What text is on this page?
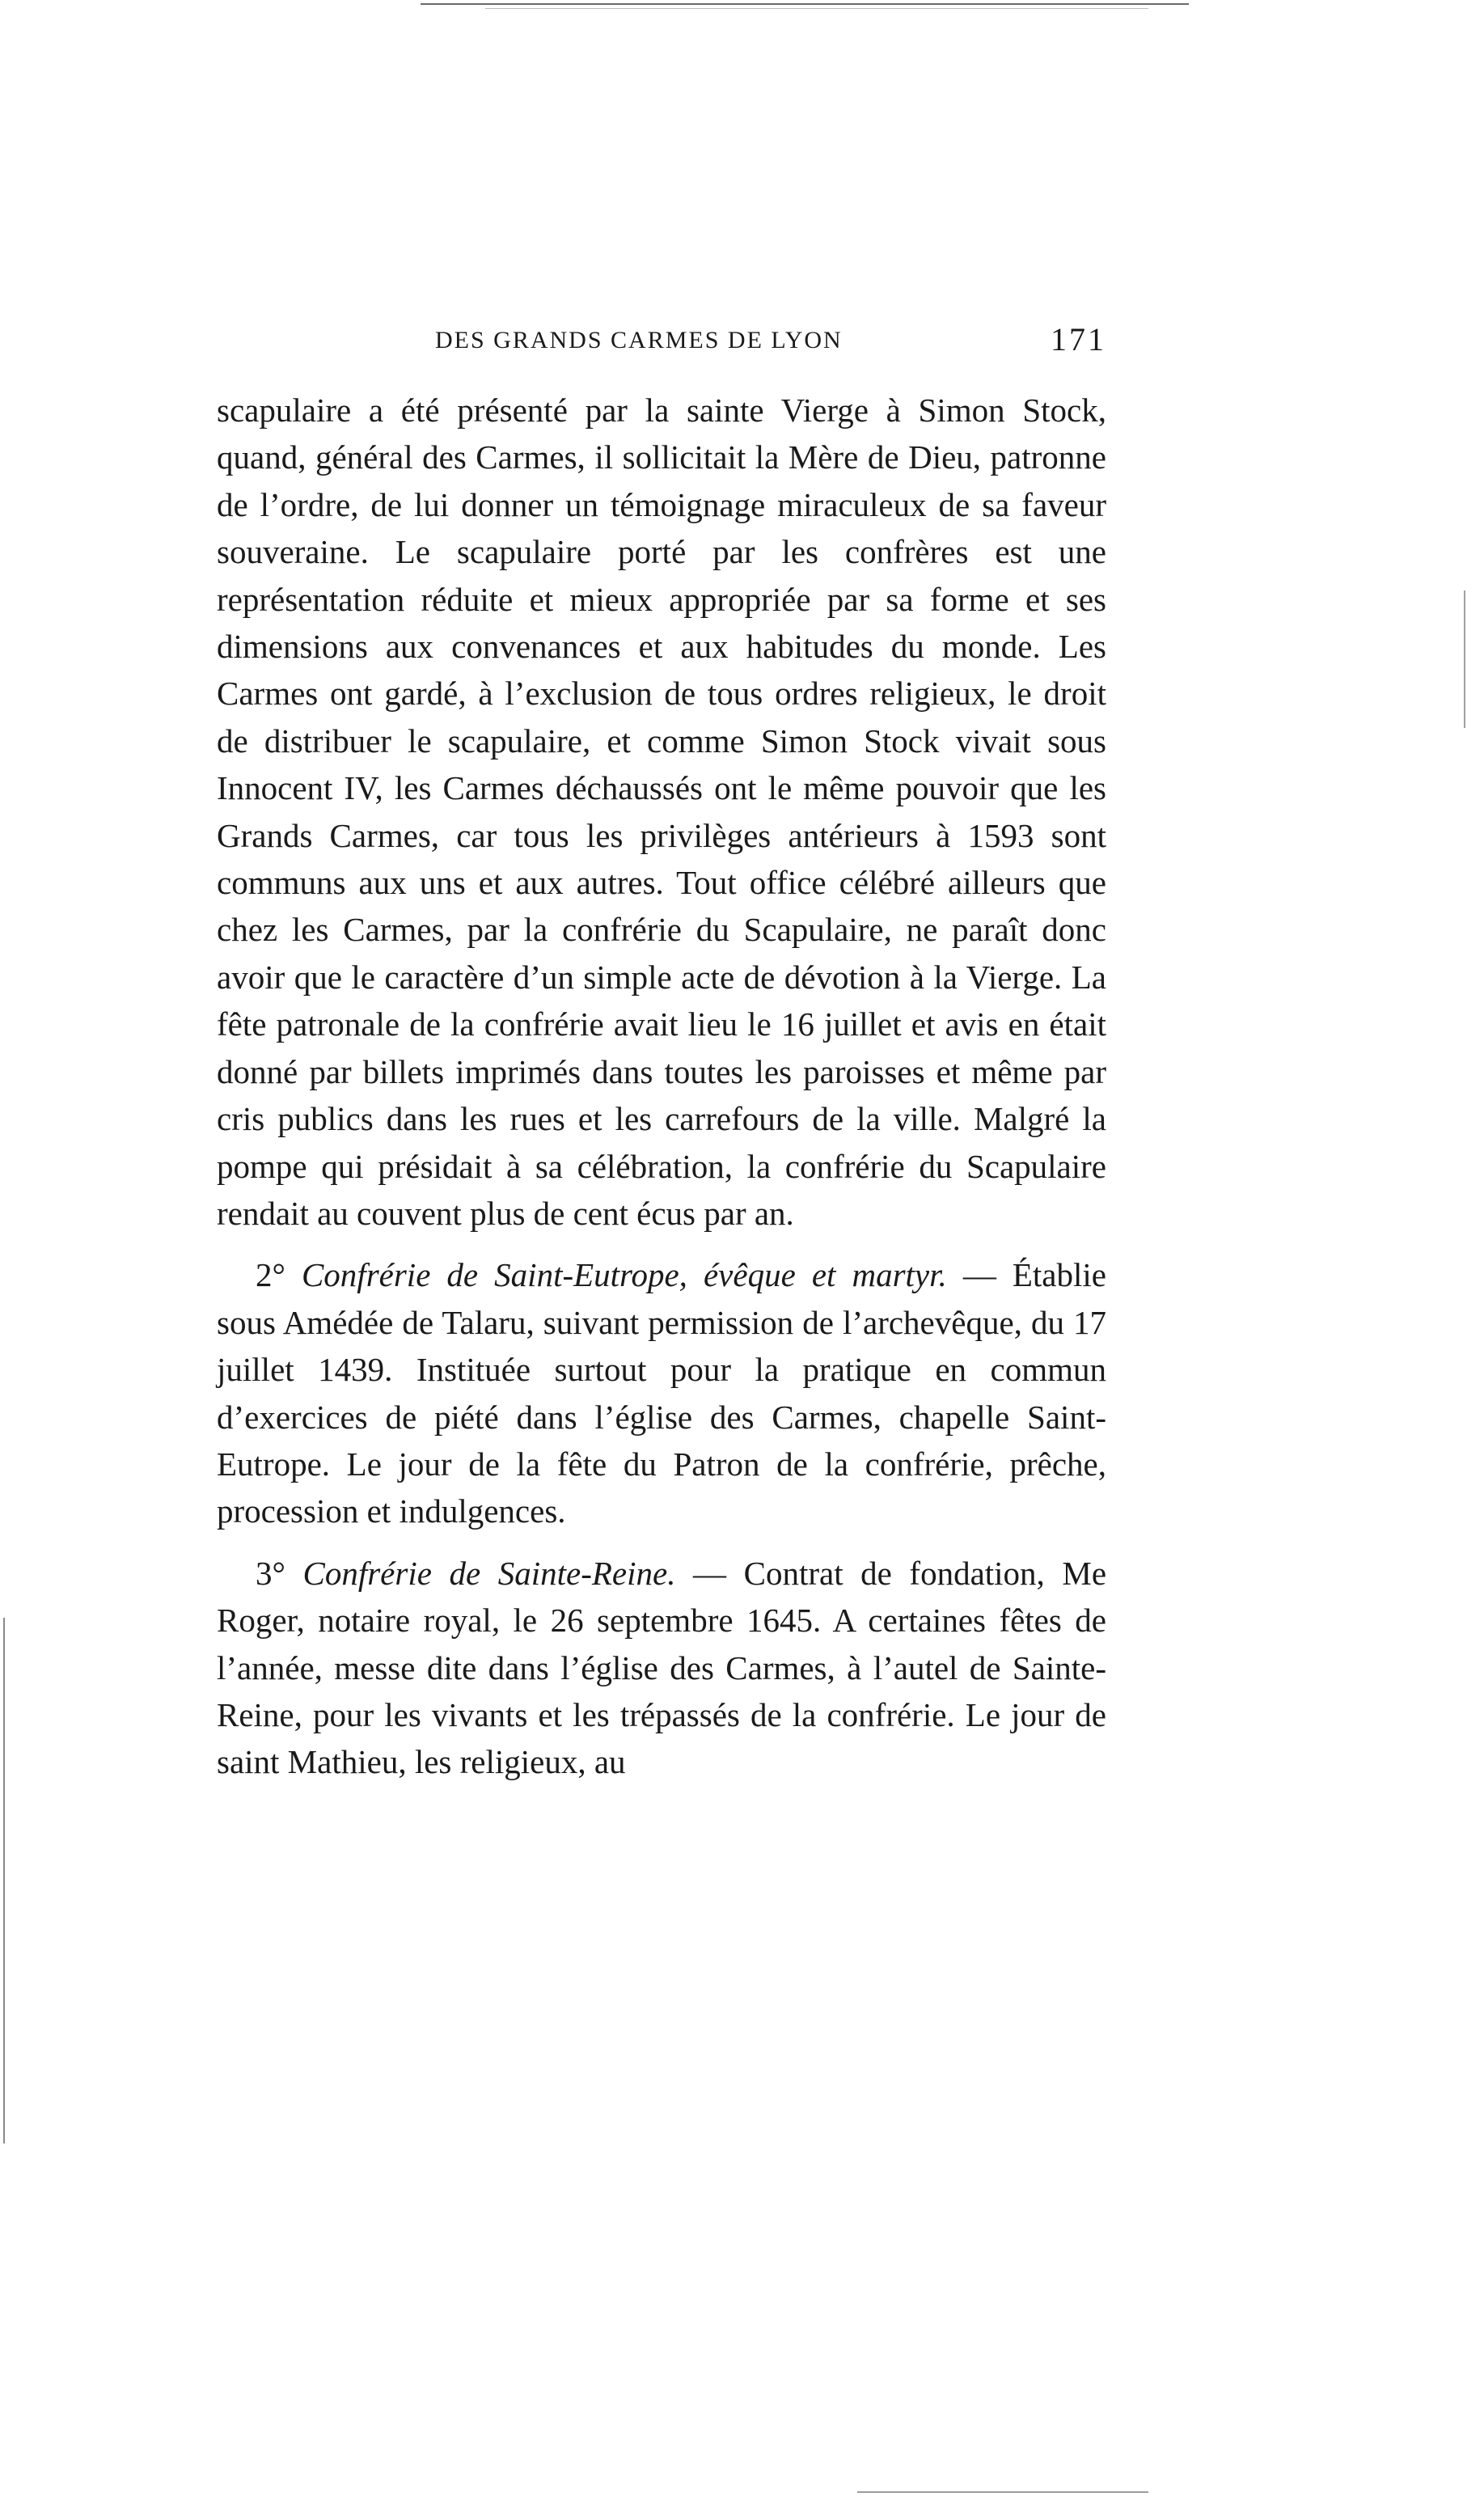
DES GRANDS CARMES DE LYON	171

scapulaire a été présenté par la sainte Vierge à Simon Stock, quand, général des Carmes, il sollicitait la Mère de Dieu, patronne de l’ordre, de lui donner un témoignage miraculeux de sa faveur souveraine. Le scapulaire porté par les confrères est une représentation réduite et mieux appropriée par sa forme et ses dimensions aux convenances et aux habitudes du monde. Les Carmes ont gardé, à l’exclusion de tous ordres religieux, le droit de distribuer le scapulaire, et comme Simon Stock vivait sous Innocent IV, les Carmes déchaussés ont le même pouvoir que les Grands Carmes, car tous les privilèges antérieurs à 1593 sont communs aux uns et aux autres. Tout office célébré ailleurs que chez les Carmes, par la confrérie du Scapulaire, ne paraît donc avoir que le caractère d’un simple acte de dévotion à la Vierge. La fête patronale de la confrérie avait lieu le 16 juillet et avis en était donné par billets imprimés dans toutes les paroisses et même par cris publics dans les rues et les carrefours de la ville. Malgré la pompe qui présidait à sa célébration, la confrérie du Scapulaire rendait au couvent plus de cent écus par an.

2° Confrérie de Saint-Eutrope, évêque et martyr. — Établie sous Amédée de Talaru, suivant permission de l’archevêque, du 17 juillet 1439. Instituée surtout pour la pratique en commun d’exercices de piété dans l’église des Carmes, chapelle Saint-Eutrope. Le jour de la fête du Patron de la confrérie, prêche, procession et indulgences.

3° Confrérie de Sainte-Reine. — Contrat de fondation, Me Roger, notaire royal, le 26 septembre 1645. A certaines fêtes de l’année, messe dite dans l’église des Carmes, à l’autel de Sainte-Reine, pour les vivants et les trépassés de la confrérie. Le jour de saint Mathieu, les religieux, au
